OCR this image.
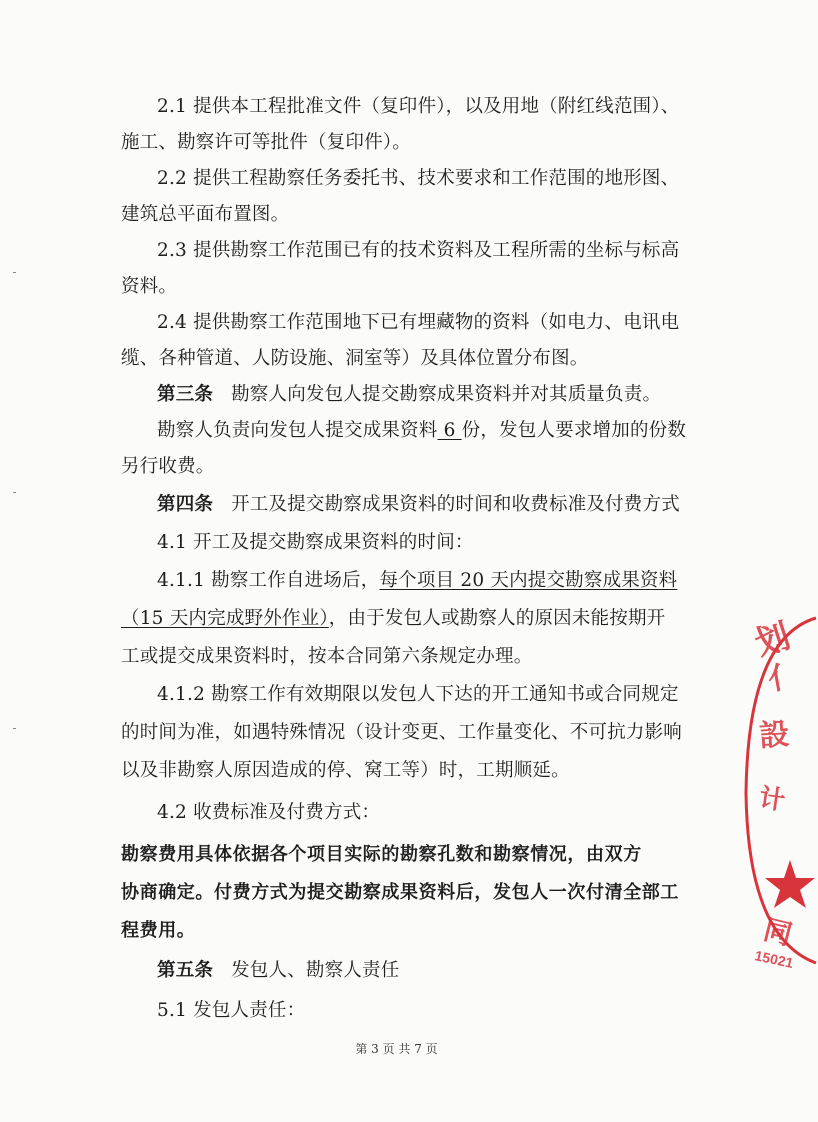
2.1 提供本工程批准文件（复印件），以及用地（附红线范围）、
施工、勘察许可等批件（复印件）。
2.2 提供工程勘察任务委托书、技术要求和工作范围的地形图、
建筑总平面布置图。
2.3 提供勘察工作范围已有的技术资料及工程所需的坐标与标高
资料。
2.4 提供勘察工作范围地下已有埋藏物的资料（如电力、电讯电
缆、各种管道、人防设施、洞室等）及具体位置分布图。
第三条 勘察人向发包人提交勘察成果资料并对其质量负责。
勘察人负责向发包人提交成果资料 6 份，发包人要求增加的份数
另行收费。
第四条 开工及提交勘察成果资料的时间和收费标准及付费方式
4.1 开工及提交勘察成果资料的时间：
4.1.1 勘察工作自进场后，每个项目 20 天内提交勘察成果资料
（15 天内完成野外作业），由于发包人或勘察人的原因未能按期开
工或提交成果资料时，按本合同第六条规定办理。
4.1.2 勘察工作有效期限以发包人下达的开工通知书或合同规定
的时间为准，如遇特殊情况（设计变更、工作量变化、不可抗力影响
以及非勘察人原因造成的停、窝工等）时，工期顺延。
4.2 收费标准及付费方式：
勘察费用具体依据各个项目实际的勘察孔数和勘察情况，由双方
协商确定。付费方式为提交勘察成果资料后，发包人一次付清全部工
程费用。
第五条 发包人、勘察人责任
5.1 发包人责任：
第 3 页 共 7 页
划
亻
設
计
同
15021
